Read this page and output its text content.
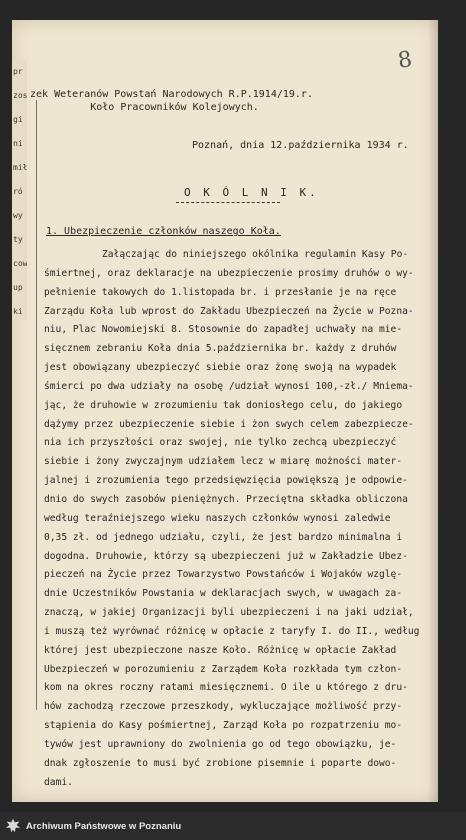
pr
zos
gi
ni
mił
ró
wy
ty
cow
up
ki
8
zek Weteranów Powstań Narodowych R.P.1914/19.r.
Koło Pracowników Kolejowych.
Poznań, dnia 12.października 1934 r.
O K Ó L N I K.
1. Ubezpieczenie członków naszego Koła.
Załączając do niniejszego okólnika regulamin Kasy Po-
śmiertnej, oraz deklaracje na ubezpieczenie prosimy druhów o wy-
pełnienie takowych do 1.listopada br. i przesłanie je na ręce
Zarządu Koła lub wprost do Zakładu Ubezpieczeń na Życie w Pozna-
niu, Plac Nowomiejski 8. Stosownie do zapadłej uchwały na mie-
sięcznem zebraniu Koła dnia 5.października br. każdy z druhów
jest obowiązany ubezpieczyć siebie oraz żonę swoją na wypadek
śmierci po dwa udziały na osobę /udział wynosi 100,-zł./ Mniema-
jąc, że druhowie w zrozumieniu tak doniosłego celu, do jakiego
dążymy przez ubezpieczenie siebie i żon swych celem zabezpiecze-
nia ich przyszłości oraz swojej, nie tylko zechcą ubezpieczyć
siebie i żony zwyczajnym udziałem lecz w miarę możności mater-
jalnej i zrozumienia tego przedsięwzięcia powiększą je odpowie-
dnio do swych zasobów pieniężnych. Przeciętna składka obliczona
według teraźniejszego wieku naszych członków wynosi zaledwie
0,35 zł. od jednego udziału, czyli, że jest bardzo minimalna i
dogodna. Druhowie, którzy są ubezpieczeni już w Zakładzie Ubez-
pieczeń na Życie przez Towarzystwo Powstańców i Wojaków wzglę-
dnie Uczestników Powstania w deklaracjach swych, w uwagach za-
znaczą, w jakiej Organizacji byli ubezpieczeni i na jaki udział,
i muszą też wyrównać różnicę w opłacie z taryfy I. do II., według
której jest ubezpieczone nasze Koło. Różnicę w opłacie Zakład
Ubezpieczeń w porozumieniu z Zarządem Koła rozkłada tym człon-
kom na okres roczny ratami miesięcznemi. O ile u którego z dru-
hów zachodzą rzeczowe przeszkody, wykluczające możliwość przy-
stąpienia do Kasy pośmiertnej, Zarząd Koła po rozpatrzeniu mo-
tywów jest uprawniony do zwolnienia go od tego obowiązku, je-
dnak zgłoszenie to musi być zrobione pisemnie i poparte dowo-
dami.
Archiwum Państwowe w Poznaniu
